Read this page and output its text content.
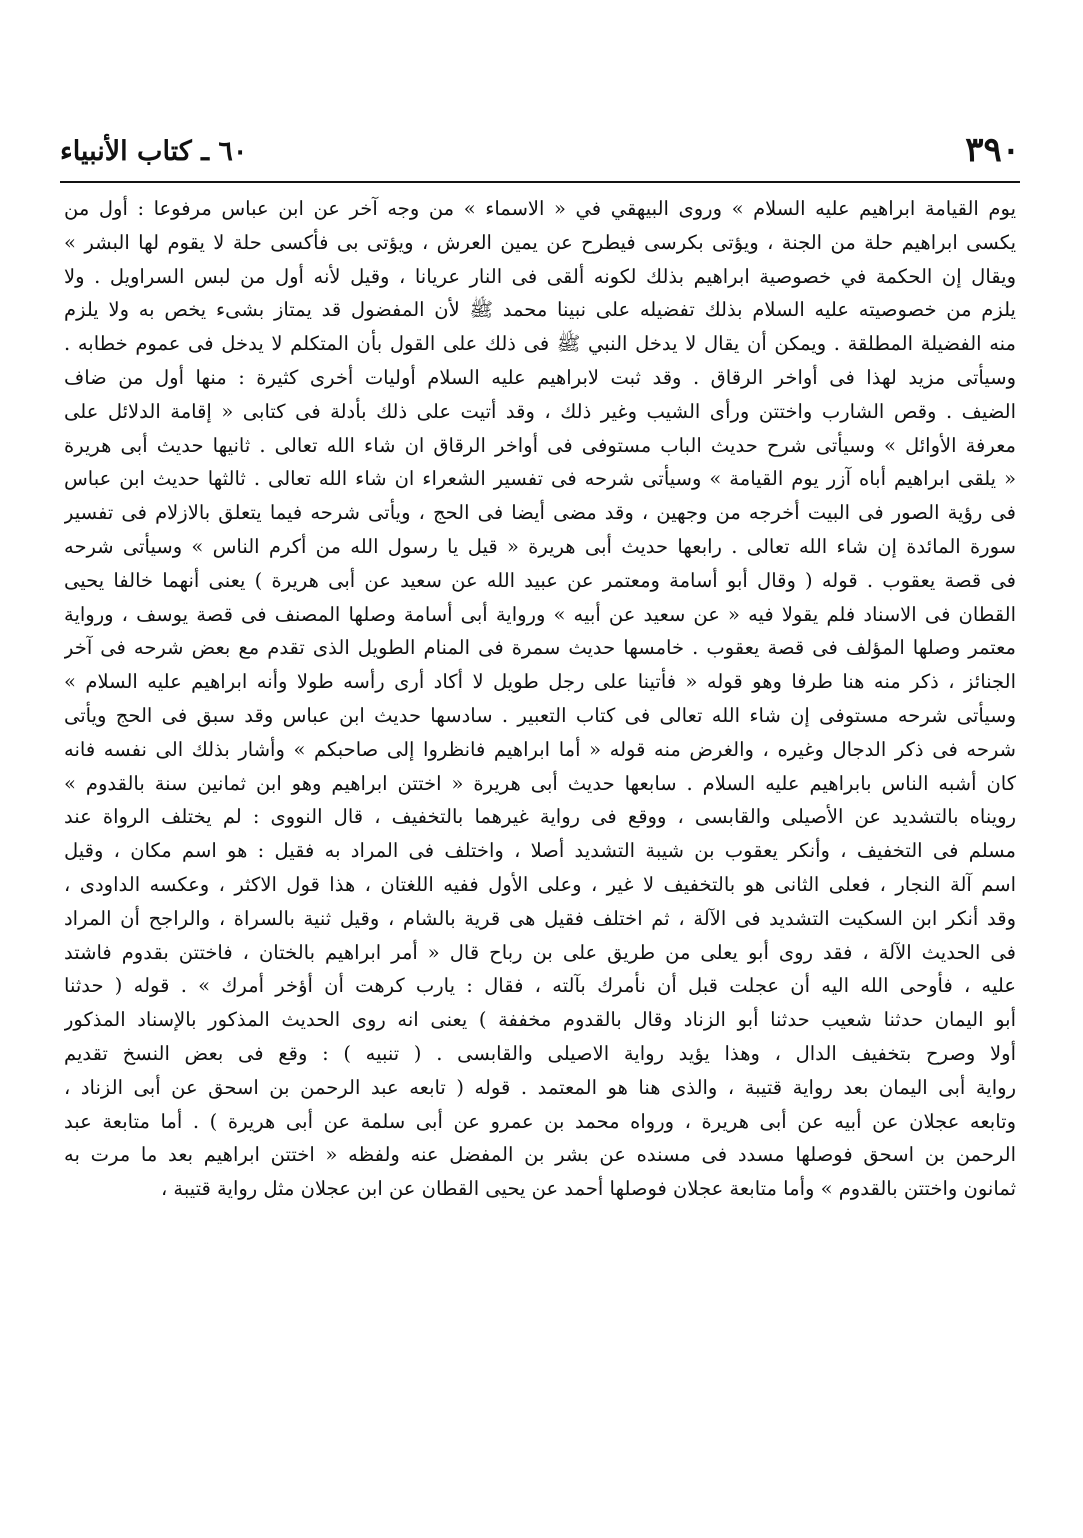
٣٩٠
٦٠ ـ كتاب الأنبياء
يوم القيامة ابراهيم عليه السلام » وروى البيهقي في « الاسماء » من وجه آخر عن ابن عباس مرفوعا : أول من
يكسى ابراهيم حلة من الجنة ، ويؤتى بكرسى فيطرح عن يمين العرش ، ويؤتى بى فأكسى حلة لا يقوم لها البشر »
ويقال إن الحكمة في خصوصية ابراهيم بذلك لكونه ألقى فى النار عريانا ، وقيل لأنه أول من لبس السراويل . ولا
يلزم من خصوصيته عليه السلام بذلك تفضيله على نبينا محمد ﷺ لأن المفضول قد يمتاز بشىء يخص به ولا يلزم
منه الفضيلة المطلقة . ويمكن أن يقال لا يدخل النبي ﷺ فى ذلك على القول بأن المتكلم لا يدخل فى عموم خطابه .
وسيأتى مزيد لهذا فى أواخر الرقاق . وقد ثبت لابراهيم عليه السلام أوليات أخرى كثيرة : منها أول من ضاف
الضيف . وقص الشارب واختتن ورأى الشيب وغير ذلك ، وقد أتيت على ذلك بأدلة فى كتابى « إقامة الدلائل على
معرفة الأوائل » وسيأتى شرح حديث الباب مستوفى فى أواخر الرقاق ان شاء الله تعالى . ثانيها حديث أبى هريرة
« يلقى ابراهيم أباه آزر يوم القيامة » وسيأتى شرحه فى تفسير الشعراء ان شاء الله تعالى . ثالثها حديث ابن عباس
فى رؤية الصور فى البيت أخرجه من وجهين ، وقد مضى أيضا فى الحج ، ويأتى شرحه فيما يتعلق بالازلام فى تفسير
سورة المائدة إن شاء الله تعالى . رابعها حديث أبى هريرة « قيل يا رسول الله من أكرم الناس » وسيأتى شرحه
فى قصة يعقوب . قوله ( وقال أبو أسامة ومعتمر عن عبيد الله عن سعيد عن أبى هريرة ) يعنى أنهما خالفا يحيى
القطان فى الاسناد فلم يقولا فيه « عن سعيد عن أبيه » ورواية أبى أسامة وصلها المصنف فى قصة يوسف ، ورواية
معتمر وصلها المؤلف فى قصة يعقوب . خامسها حديث سمرة فى المنام الطويل الذى تقدم مع بعض شرحه فى آخر
الجنائز ، ذكر منه هنا طرفا وهو قوله « فأتينا على رجل طويل لا أكاد أرى رأسه طولا وأنه ابراهيم عليه السلام »
وسيأتى شرحه مستوفى إن شاء الله تعالى فى كتاب التعبير . سادسها حديث ابن عباس وقد سبق فى الحج ويأتى
شرحه فى ذكر الدجال وغيره ، والغرض منه قوله « أما ابراهيم فانظروا إلى صاحبكم » وأشار بذلك الى نفسه فانه
كان أشبه الناس بابراهيم عليه السلام . سابعها حديث أبى هريرة « اختتن ابراهيم وهو ابن ثمانين سنة بالقدوم »
رويناه بالتشديد عن الأصيلى والقابسى ، ووقع فى رواية غيرهما بالتخفيف ، قال النووى : لم يختلف الرواة عند
مسلم فى التخفيف ، وأنكر يعقوب بن شيبة التشديد أصلا ، واختلف فى المراد به فقيل : هو اسم مكان ، وقيل
اسم آلة النجار ، فعلى الثانى هو بالتخفيف لا غير ، وعلى الأول ففيه اللغتان ، هذا قول الاكثر ، وعكسه الداودى ،
وقد أنكر ابن السكيت التشديد فى الآلة ، ثم اختلف فقيل هى قرية بالشام ، وقيل ثنية بالسراة ، والراجح أن المراد
فى الحديث الآلة ، فقد روى أبو يعلى من طريق على بن رباح قال « أمر ابراهيم بالختان ، فاختتن بقدوم فاشتد
عليه ، فأوحى الله اليه أن عجلت قبل أن نأمرك بآلته ، فقال : يارب كرهت أن أؤخر أمرك » . قوله ( حدثنا
أبو اليمان حدثنا شعيب حدثنا أبو الزناد وقال بالقدوم مخففة ) يعنى انه روى الحديث المذكور بالإسناد المذكور
أولا وصرح بتخفيف الدال ، وهذا يؤيد رواية الاصيلى والقابسى . ( تنبيه ) : وقع فى بعض النسخ تقديم
رواية أبى اليمان بعد رواية قتيبة ، والذى هنا هو المعتمد . قوله ( تابعه عبد الرحمن بن اسحق عن أبى الزناد ،
وتابعه عجلان عن أبيه عن أبى هريرة ، ورواه محمد بن عمرو عن أبى سلمة عن أبى هريرة ) . أما متابعة عبد
الرحمن بن اسحق فوصلها مسدد فى مسنده عن بشر بن المفضل عنه ولفظه « اختتن ابراهيم بعد ما مرت به
ثمانون واختتن بالقدوم » وأما متابعة عجلان فوصلها أحمد عن يحيى القطان عن ابن عجلان مثل رواية قتيبة ،
